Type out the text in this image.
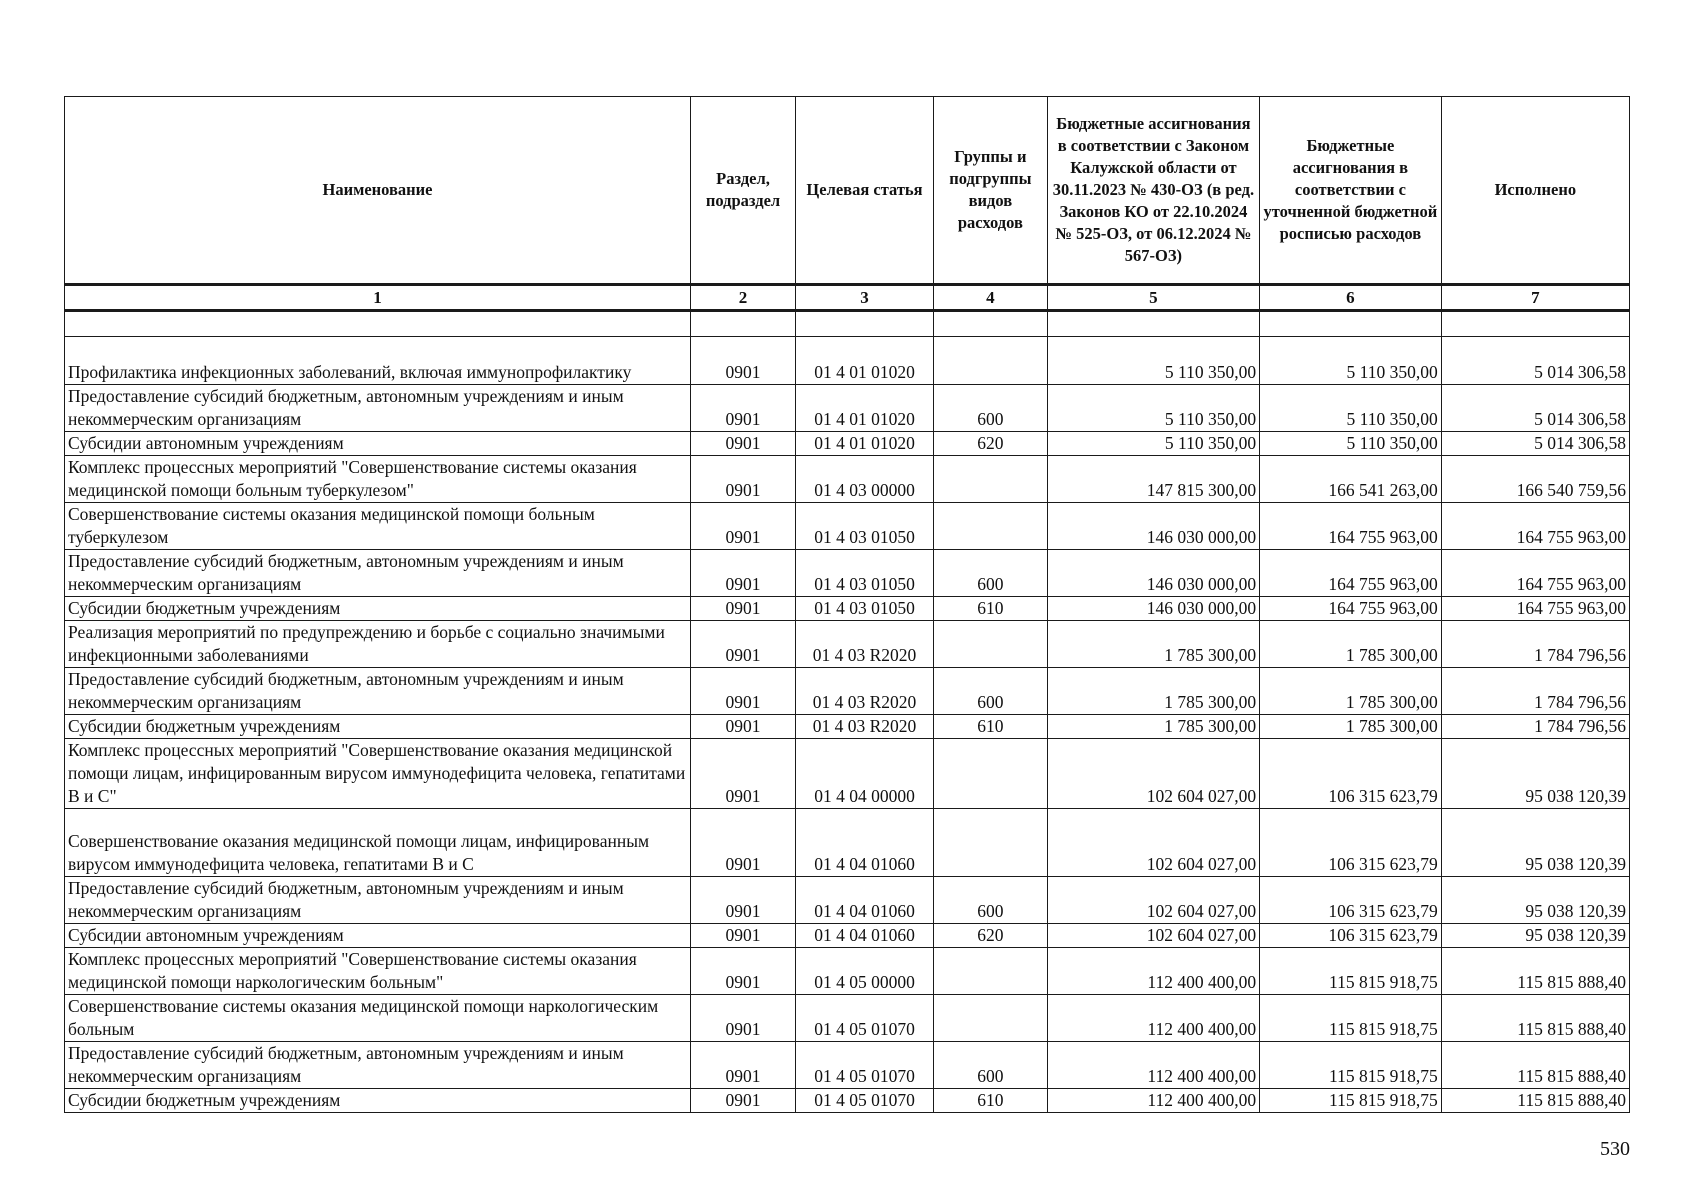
Наименование	Раздел, подраздел	Целевая статья	Группы и подгруппы видов расходов	Бюджетные ассигнования в соответствии с Законом Калужской области от 30.11.2023 № 430-ОЗ (в ред. Законов КО от 22.10.2024 № 525-ОЗ, от 06.12.2024 № 567-ОЗ)	Бюджетные ассигнования в соответствии с уточненной бюджетной росписью расходов	Исполнено
1	2	3	4	5	6	7

Профилактика инфекционных заболеваний, включая иммунопрофилактику	0901	01 4 01 01020		5 110 350,00	5 110 350,00	5 014 306,58
Предоставление субсидий бюджетным, автономным учреждениям и иным некоммерческим организациям	0901	01 4 01 01020	600	5 110 350,00	5 110 350,00	5 014 306,58
Субсидии автономным учреждениям	0901	01 4 01 01020	620	5 110 350,00	5 110 350,00	5 014 306,58
Комплекс процессных мероприятий "Совершенствование системы оказания медицинской помощи больным туберкулезом"	0901	01 4 03 00000		147 815 300,00	166 541 263,00	166 540 759,56
Совершенствование системы оказания медицинской помощи больным туберкулезом	0901	01 4 03 01050		146 030 000,00	164 755 963,00	164 755 963,00
Предоставление субсидий бюджетным, автономным учреждениям и иным некоммерческим организациям	0901	01 4 03 01050	600	146 030 000,00	164 755 963,00	164 755 963,00
Субсидии бюджетным учреждениям	0901	01 4 03 01050	610	146 030 000,00	164 755 963,00	164 755 963,00
Реализация мероприятий по предупреждению и борьбе с социально значимыми инфекционными заболеваниями	0901	01 4 03 R2020		1 785 300,00	1 785 300,00	1 784 796,56
Предоставление субсидий бюджетным, автономным учреждениям и иным некоммерческим организациям	0901	01 4 03 R2020	600	1 785 300,00	1 785 300,00	1 784 796,56
Субсидии бюджетным учреждениям	0901	01 4 03 R2020	610	1 785 300,00	1 785 300,00	1 784 796,56
Комплекс процессных мероприятий "Совершенствование оказания медицинской помощи лицам, инфицированным вирусом иммунодефицита человека, гепатитами В и С"	0901	01 4 04 00000		102 604 027,00	106 315 623,79	95 038 120,39
Совершенствование оказания медицинской помощи лицам, инфицированным вирусом иммунодефицита человека, гепатитами В и С	0901	01 4 04 01060		102 604 027,00	106 315 623,79	95 038 120,39
Предоставление субсидий бюджетным, автономным учреждениям и иным некоммерческим организациям	0901	01 4 04 01060	600	102 604 027,00	106 315 623,79	95 038 120,39
Субсидии автономным учреждениям	0901	01 4 04 01060	620	102 604 027,00	106 315 623,79	95 038 120,39
Комплекс процессных мероприятий "Совершенствование системы оказания медицинской помощи наркологическим больным"	0901	01 4 05 00000		112 400 400,00	115 815 918,75	115 815 888,40
Совершенствование системы оказания медицинской помощи наркологическим больным	0901	01 4 05 01070		112 400 400,00	115 815 918,75	115 815 888,40
Предоставление субсидий бюджетным, автономным учреждениям и иным некоммерческим организациям	0901	01 4 05 01070	600	112 400 400,00	115 815 918,75	115 815 888,40
Субсидии бюджетным учреждениям	0901	01 4 05 01070	610	112 400 400,00	115 815 918,75	115 815 888,40
530
